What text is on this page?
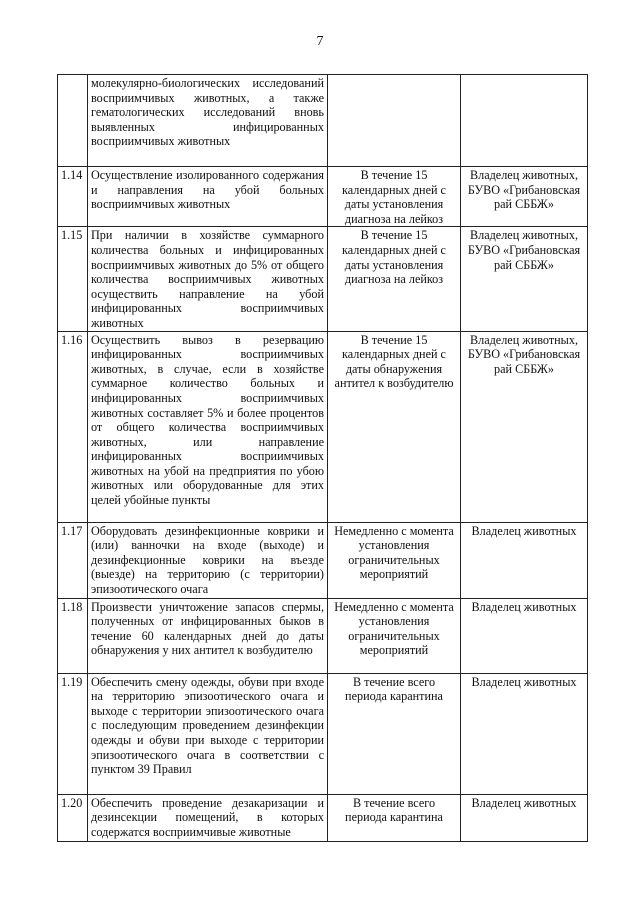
7
	молекулярно-биологических исследований восприимчивых животных, а также гематологических исследований вновь выявленных инфицированных восприимчивых животных		
1.14	Осуществление изолированного содержания и направления на убой больных восприимчивых животных	В течение 15 календарных дней с даты установления диагноза на лейкоз	Владелец животных, БУВО «Грибановская рай СББЖ»
1.15	При наличии в хозяйстве суммарного количества больных и инфицированных восприимчивых животных до 5% от общего количества восприимчивых животных осуществить направление на убой инфицированных восприимчивых животных	В течение 15 календарных дней с даты установления диагноза на лейкоз	Владелец животных, БУВО «Грибановская рай СББЖ»
1.16	Осуществить вывоз в резервацию инфицированных восприимчивых животных, в случае, если в хозяйстве суммарное количество больных и инфицированных восприимчивых животных составляет 5% и более процентов от общего количества восприимчивых животных, или направление инфицированных восприимчивых животных на убой на предприятия по убою животных или оборудованные для этих целей убойные пункты	В течение 15 календарных дней с даты обнаружения антител к возбудителю	Владелец животных, БУВО «Грибановская рай СББЖ»
1.17	Оборудовать дезинфекционные коврики и (или) ванночки на входе (выходе) и дезинфекционные коврики на въезде (выезде) на территорию (с территории) эпизоотического очага	Немедленно с момента установления ограничительных мероприятий	Владелец животных
1.18	Произвести уничтожение запасов спермы, полученных от инфицированных быков в течение 60 календарных дней до даты обнаружения у них антител к возбудителю	Немедленно с момента установления ограничительных мероприятий	Владелец животных
1.19	Обеспечить смену одежды, обуви при входе на территорию эпизоотического очага и выходе с территории эпизоотического очага с последующим проведением дезинфекции одежды и обуви при выходе с территории эпизоотического очага в соответствии с пунктом 39 Правил	В течение всего периода карантина	Владелец животных
1.20	Обеспечить проведение дезакаризации и дезинсекции помещений, в которых содержатся восприимчивые животные	В течение всего периода карантина	Владелец животных
